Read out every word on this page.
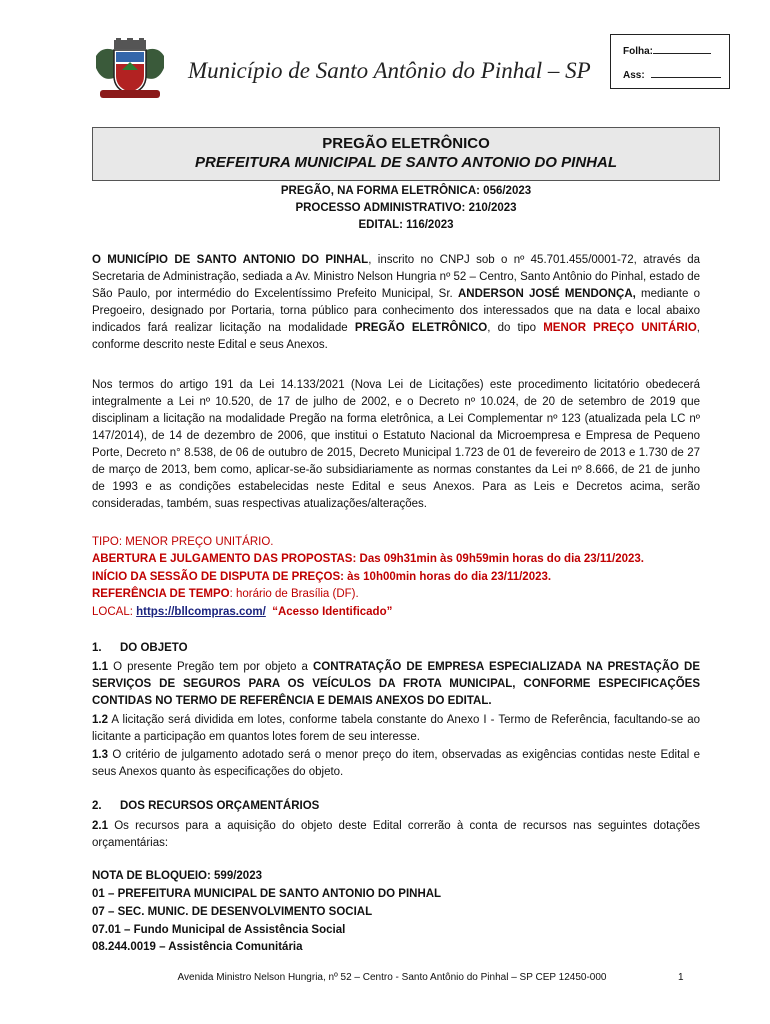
Município de Santo Antônio do Pinhal – SP
Folha:
Ass:
PREGÃO ELETRÔNICO
PREFEITURA MUNICIPAL DE SANTO ANTONIO DO PINHAL
PREGÃO, NA FORMA ELETRÔNICA: 056/2023
PROCESSO ADMINISTRATIVO: 210/2023
EDITAL: 116/2023
O MUNICÍPIO DE SANTO ANTONIO DO PINHAL, inscrito no CNPJ sob o nº 45.701.455/0001-72, através da Secretaria de Administração, sediada a Av. Ministro Nelson Hungria nº 52 – Centro, Santo Antônio do Pinhal, estado de São Paulo, por intermédio do Excelentíssimo Prefeito Municipal, Sr. ANDERSON JOSÉ MENDONÇA, mediante o Pregoeiro, designado por Portaria, torna público para conhecimento dos interessados que na data e local abaixo indicados fará realizar licitação na modalidade PREGÃO ELETRÔNICO, do tipo MENOR PREÇO UNITÁRIO, conforme descrito neste Edital e seus Anexos.
Nos termos do artigo 191 da Lei 14.133/2021 (Nova Lei de Licitações) este procedimento licitatório obedecerá integralmente a Lei nº 10.520, de 17 de julho de 2002, e o Decreto nº 10.024, de 20 de setembro de 2019 que disciplinam a licitação na modalidade Pregão na forma eletrônica, a Lei Complementar nº 123 (atualizada pela LC nº 147/2014), de 14 de dezembro de 2006, que institui o Estatuto Nacional da Microempresa e Empresa de Pequeno Porte, Decreto n° 8.538, de 06 de outubro de 2015, Decreto Municipal 1.723 de 01 de fevereiro de 2013 e 1.730 de 27 de março de 2013, bem como, aplicar-se-ão subsidiariamente as normas constantes da Lei nº 8.666, de 21 de junho de 1993 e as condições estabelecidas neste Edital e seus Anexos. Para as Leis e Decretos acima, serão consideradas, também, suas respectivas atualizações/alterações.
TIPO: MENOR PREÇO UNITÁRIO.
ABERTURA E JULGAMENTO DAS PROPOSTAS: Das 09h31min às 09h59min horas do dia 23/11/2023.
INÍCIO DA SESSÃO DE DISPUTA DE PREÇOS: às 10h00min horas do dia 23/11/2023.
REFERÊNCIA DE TEMPO: horário de Brasília (DF).
LOCAL: https://bllcompras.com/ “Acesso Identificado”
1. DO OBJETO
1.1 O presente Pregão tem por objeto a CONTRATAÇÃO DE EMPRESA ESPECIALIZADA NA PRESTAÇÃO DE SERVIÇOS DE SEGUROS PARA OS VEÍCULOS DA FROTA MUNICIPAL, CONFORME ESPECIFICAÇÕES CONTIDAS NO TERMO DE REFERÊNCIA E DEMAIS ANEXOS DO EDITAL.
1.2 A licitação será dividida em lotes, conforme tabela constante do Anexo I - Termo de Referência, facultando-se ao licitante a participação em quantos lotes forem de seu interesse.
1.3 O critério de julgamento adotado será o menor preço do item, observadas as exigências contidas neste Edital e seus Anexos quanto às especificações do objeto.
2. DOS RECURSOS ORÇAMENTÁRIOS
2.1 Os recursos para a aquisição do objeto deste Edital correrão à conta de recursos nas seguintes dotações orçamentárias:
NOTA DE BLOQUEIO: 599/2023
01 – PREFEITURA MUNICIPAL DE SANTO ANTONIO DO PINHAL
07 – SEC. MUNIC. DE DESENVOLVIMENTO SOCIAL
07.01 – Fundo Municipal de Assistência Social
08.244.0019 – Assistência Comunitária
Avenida Ministro Nelson Hungria, nº 52 – Centro - Santo Antônio do Pinhal – SP CEP 12450-000	1
